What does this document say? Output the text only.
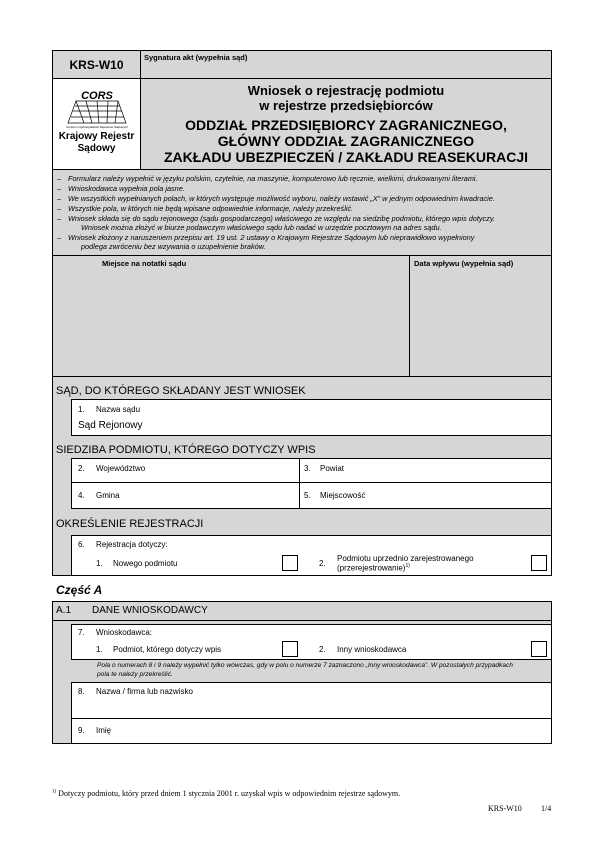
KRS-W10
Sygnatura akt (wypełnia sąd)
CORS
Centrum Ogólnopolskich Rejestrów Sądowych
Krajowy Rejestr
Sądowy
Wniosek o rejestrację podmiotu
w rejestrze przedsiębiorców
ODDZIAŁ PRZEDSIĘBIORCY ZAGRANICZNEGO,
GŁÓWNY ODDZIAŁ ZAGRANICZNEGO
ZAKŁADU UBEZPIECZEŃ / ZAKŁADU REASEKURACJI
– Formularz należy wypełnić w języku polskim, czytelnie, na maszynie, komputerowo lub ręcznie, wielkimi, drukowanymi literami.
– Wnioskodawca wypełnia pola jasne.
– We wszystkich wypełnianych polach, w których występuje możliwość wyboru, należy wstawić „X” w jednym odpowiednim kwadracie.
– Wszystkie pola, w których nie będą wpisane odpowiednie informacje, należy przekreślić.
– Wniosek składa się do sądu rejonowego (sądu gospodarczego) właściwego ze względu na siedzibę podmiotu, którego wpis dotyczy.
Wniosek można złożyć w biurze podawczym właściwego sądu lub nadać w urzędzie pocztowym na adres sądu.
– Wniosek złożony z naruszeniem przepisu art. 19 ust. 2 ustawy o Krajowym Rejestrze Sądowym lub nieprawidłowo wypełniony
podlega zwróceniu bez wzywania o uzupełnienie braków.
Miejsce na notatki sądu	Data wpływu (wypełnia sąd)
SĄD, DO KTÓREGO SKŁADANY JEST WNIOSEK
1. Nazwa sądu
Sąd Rejonowy
SIEDZIBA PODMIOTU, KTÓREGO DOTYCZY WPIS
2. Województwo	3. Powiat
4. Gmina	5. Miejscowość
OKREŚLENIE REJESTRACJI
6. Rejestracja dotyczy:
1. Nowego podmiotu	2.
Podmiotu uprzednio zarejestrowanego
(przerejestrowanie)$^{1)}$
Część A
A.1 DANE WNIOSKODAWCY
7. Wnioskodawca:
1. Podmiot, którego dotyczy wpis	2. Inny wnioskodawca
Pola o numerach 8 i 9 należy wypełnić tylko wówczas, gdy w polu o numerze 7 zaznaczono „Inny wnioskodawca”. W pozostałych przypadkach
pola te należy przekreślić.
8. Nazwa / firma lub nazwisko
9. Imię
$^{1)}$ Dotyczy podmiotu, który przed dniem 1 stycznia 2001 r. uzyskał wpis w odpowiednim rejestrze sądowym.
KRS-W10 1/4
